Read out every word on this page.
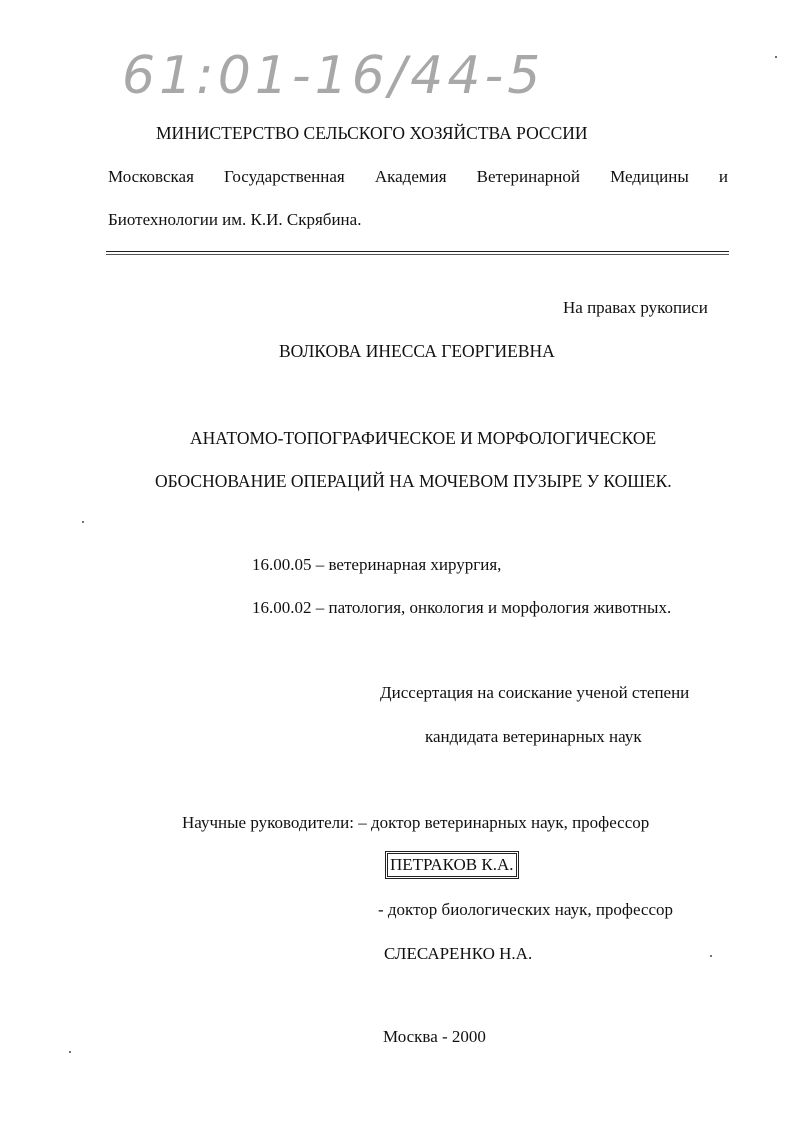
61:01-16/44-5
МИНИСТЕРСТВО СЕЛЬСКОГО ХОЗЯЙСТВА РОССИИ
Московская Государственная Академия Ветеринарной Медицины и
Биотехнологии им. К.И. Скрябина.
На правах рукописи
ВОЛКОВА ИНЕССА ГЕОРГИЕВНА
АНАТОМО-ТОПОГРАФИЧЕСКОЕ И МОРФОЛОГИЧЕСКОЕ
ОБОСНОВАНИЕ ОПЕРАЦИЙ НА МОЧЕВОМ ПУЗЫРЕ У КОШЕК.
16.00.05 – ветеринарная хирургия,
16.00.02 – патология, онкология и морфология животных.
Диссертация на соискание ученой степени
кандидата ветеринарных наук
Научные руководители: – доктор ветеринарных наук, профессор
ПЕТРАКОВ К.А.
- доктор биологических наук, профессор
СЛЕСАРЕНКО Н.А.
Москва - 2000
